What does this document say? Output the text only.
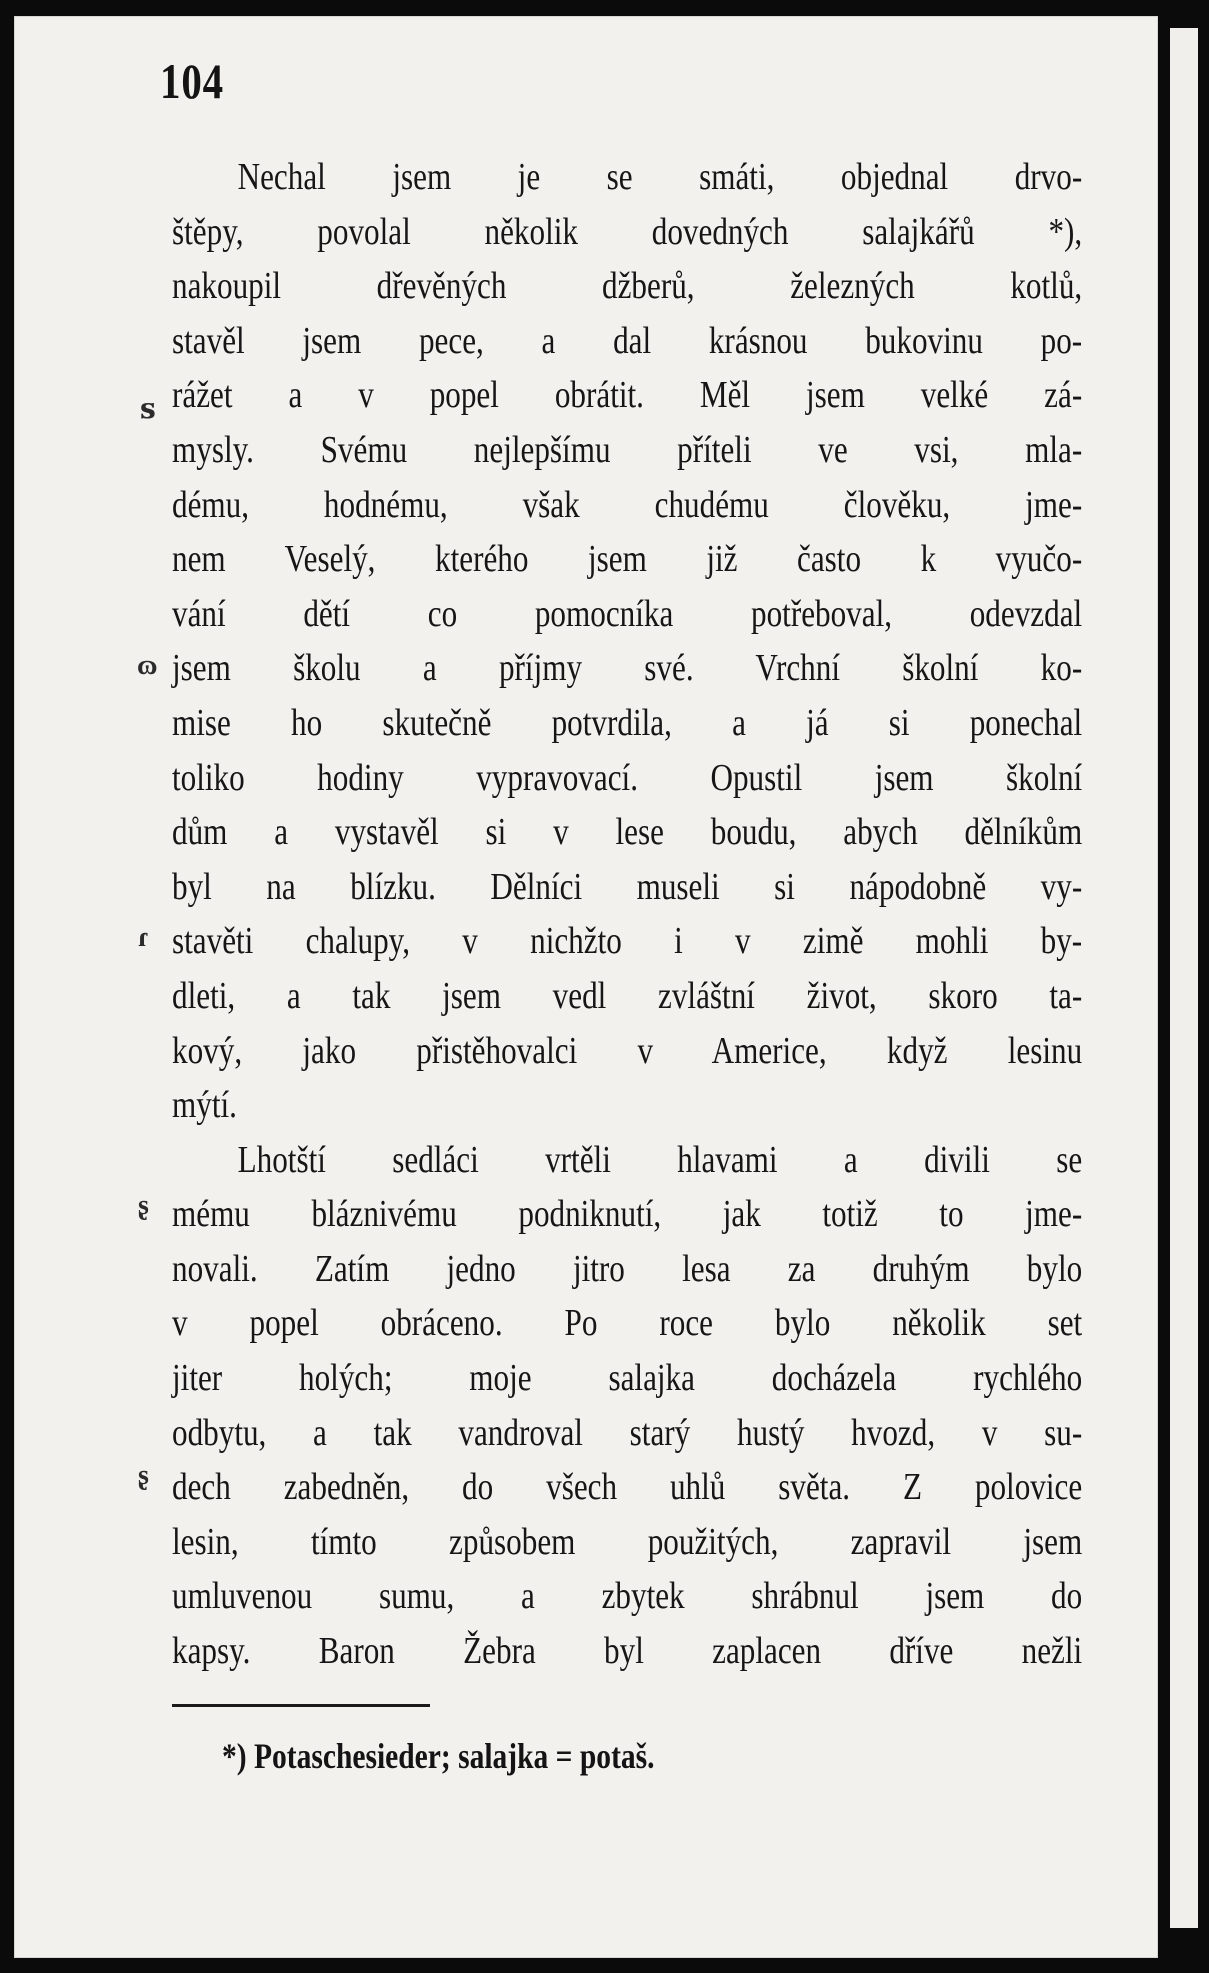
104
Nechal jsem je se smáti, objednal drvo-
štěpy, povolal několik dovedných salajkářů *),
nakoupil dřevěných džberů, železných kotlů,
stavěl jsem pece, a dal krásnou bukovinu po-
rážet a v popel obrátit. Měl jsem velké zá-
mysly. Svému nejlepšímu příteli ve vsi, mla-
dému, hodnému, však chudému člověku, jme-
nem Veselý, kterého jsem již často k vyučo-
vání dětí co pomocníka potřeboval, odevzdal
jsem školu a příjmy své. Vrchní školní ko-
mise ho skutečně potvrdila, a já si ponechal
toliko hodiny vypravovací. Opustil jsem školní
dům a vystavěl si v lese boudu, abych dělníkům
byl na blízku. Dělníci museli si nápodobně vy-
stavěti chalupy, v nichžto i v zimě mohli by-
dleti, a tak jsem vedl zvláštní život, skoro ta-
kový, jako přistěhovalci v Americe, když lesinu
mýtí.
Lhotští sedláci vrtěli hlavami a divili se
mému bláznivému podniknutí, jak totiž to jme-
novali. Zatím jedno jitro lesa za druhým bylo
v popel obráceno. Po roce bylo několik set
jiter holých; moje salajka docházela rychlého
odbytu, a tak vandroval starý hustý hvozd, v su-
dech zabedněn, do všech uhlů světa. Z polovice
lesin, tímto způsobem použitých, zapravil jsem
umluvenou sumu, a zbytek shrábnul jsem do
kapsy. Baron Žebra byl zaplacen dříve nežli
*) Potaschesieder; salajka = potaš.
ꜱ
ɷ
ɾ
ʂ
ʂ
